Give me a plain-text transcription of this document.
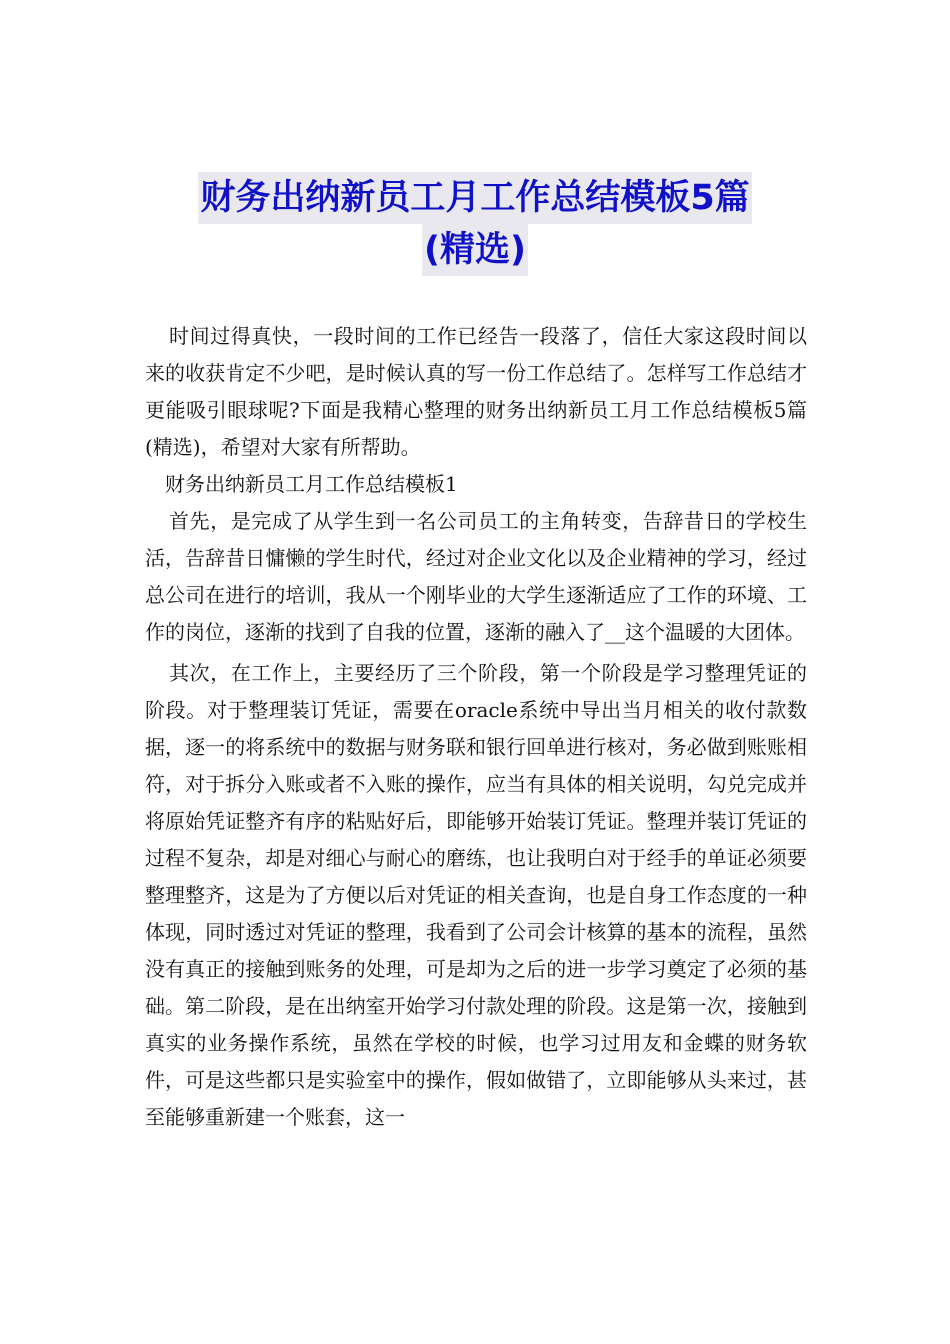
财务出纳新员工月工作总结模板5篇
(精选)

时间过得真快，一段时间的工作已经告一段落了，信任大家这段时间以来的收获肯定不少吧，是时候认真的写一份工作总结了。怎样写工作总结才更能吸引眼球呢?下面是我精心整理的财务出纳新员工月工作总结模板5篇(精选)，希望对大家有所帮助。

财务出纳新员工月工作总结模板1

首先，是完成了从学生到一名公司员工的主角转变，告辞昔日的学校生活，告辞昔日慵懒的学生时代，经过对企业文化以及企业精神的学习，经过总公司在进行的培训，我从一个刚毕业的大学生逐渐适应了工作的环境、工作的岗位，逐渐的找到了自我的位置，逐渐的融入了__这个温暖的大团体。

其次，在工作上，主要经历了三个阶段，第一个阶段是学习整理凭证的阶段。对于整理装订凭证，需要在oracle系统中导出当月相关的收付款数据，逐一的将系统中的数据与财务联和银行回单进行核对，务必做到账账相符，对于拆分入账或者不入账的操作，应当有具体的相关说明，勾兑完成并将原始凭证整齐有序的粘贴好后，即能够开始装订凭证。整理并装订凭证的过程不复杂，却是对细心与耐心的磨练，也让我明白对于经手的单证必须要整理整齐，这是为了方便以后对凭证的相关查询，也是自身工作态度的一种体现，同时透过对凭证的整理，我看到了公司会计核算的基本的流程，虽然没有真正的接触到账务的处理，可是却为之后的进一步学习奠定了必须的基础。第二阶段，是在出纳室开始学习付款处理的阶段。这是第一次，接触到真实的业务操作系统，虽然在学校的时候，也学习过用友和金蝶的财务软件，可是这些都只是实验室中的操作，假如做错了，立即能够从头来过，甚至能够重新建一个账套，这一
